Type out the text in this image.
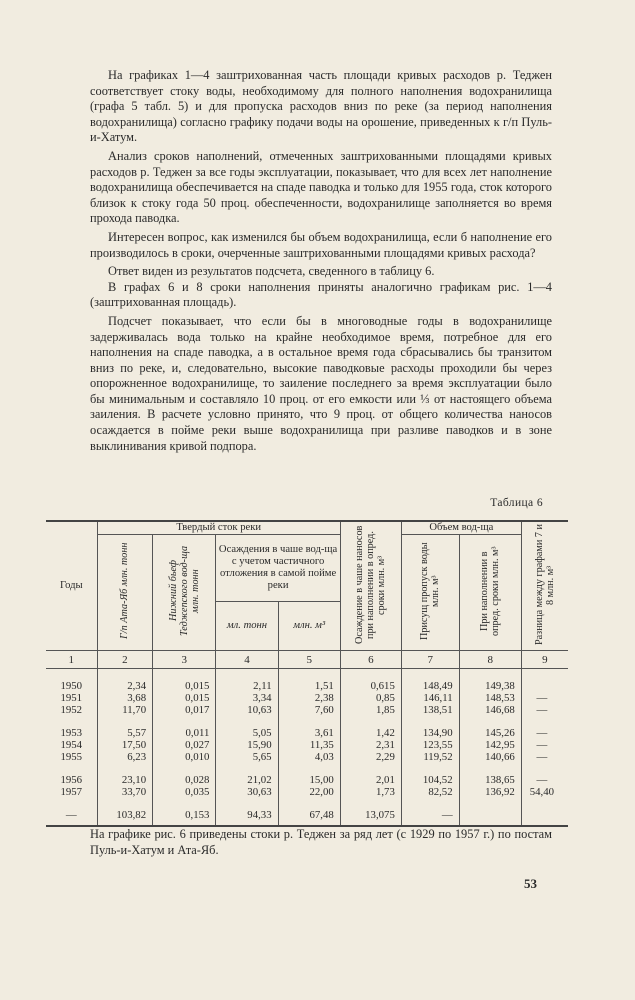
На графиках 1—4 заштрихованная часть площади кривых расходов р. Теджен соответствует стоку воды, необходимому для полного наполнения водохранилища (графа 5 табл. 5) и для пропуска расходов вниз по реке (за период наполнения водохранилища) согласно графику подачи воды на орошение, приведенных к г/п Пуль-и-Хатум.

Анализ сроков наполнений, отмеченных заштрихованными площадями кривых расходов р. Теджен за все годы эксплуатации, показывает, что для всех лет наполнение водохранилища обеспечивается на спаде паводка и только для 1955 года, сток которого близок к стоку года 50 проц. обеспеченности, водохранилище заполняется во время прохода паводка.

Интересен вопрос, как изменился бы объем водохранилища, если б наполнение его производилось в сроки, очерченные заштрихованными площадями кривых расхода?

Ответ виден из результатов подсчета, сведенного в таблицу 6.

В графах 6 и 8 сроки наполнения приняты аналогично графикам рис. 1—4 (заштрихованная площадь).

Подсчет показывает, что если бы в многоводные годы в водохранилище задерживалась вода только на крайне необходимое время, потребное для его наполнения на спаде паводка, а в остальное время года сбрасывались бы транзитом вниз по реке, и, следовательно, высокие паводковые расходы проходили бы через опорожненное водохранилище, то заиление последнего за время эксплуатации было бы минимальным и составляло 10 проц. от его емкости или ⅓ от настоящего объема заиления. В расчете условно принято, что 9 проц. от общего количества наносов осаждается в пойме реки выше водохранилища при разливе паводков и в зоне выклинивания кривой подпора.

Таблица 6
Годы	Твердый сток реки				Осаждение в чаше наносов при наполнении в опред. сроки млн. м³	Объем вод-ща		Разница между графами 7 и 8 млн. м³
	Г/п Ата-Яб млн. тонн	Нижний бьеф Теджепского вод-ща млн. тонн	Осаждения в чаше вод-ща с учетом частичного отложения в самой пойме реки			Присущ пропуск воды млн. м³	При наполнении в опред. сроки млн. м³	
			мл. тонн	млн. м³				
1	2	3	4	5	6	7	8	9
1950	2,34	0,015	2,11	1,51	0,615	148,49	149,38	
1951	3,68	0,015	3,34	2,38	0,85	146,11	148,53	—
1952	11,70	0,017	10,63	7,60	1,85	138,51	146,68	—
1953	5,57	0,011	5,05	3,61	1,42	134,90	145,26	—
1954	17,50	0,027	15,90	11,35	2,31	123,55	142,95	—
1955	6,23	0,010	5,65	4,03	2,29	119,52	140,66	—
1956	23,10	0,028	21,02	15,00	2,01	104,52	138,65	—
1957	33,70	0,035	30,63	22,00	1,73	82,52	136,92	54,40
—	103,82	0,153	94,33	67,48	13,075	—		

На графике рис. 6 приведены стоки р. Теджен за ряд лет (с 1929 по 1957 г.) по постам Пуль-и-Хатум и Ата-Яб.

53
